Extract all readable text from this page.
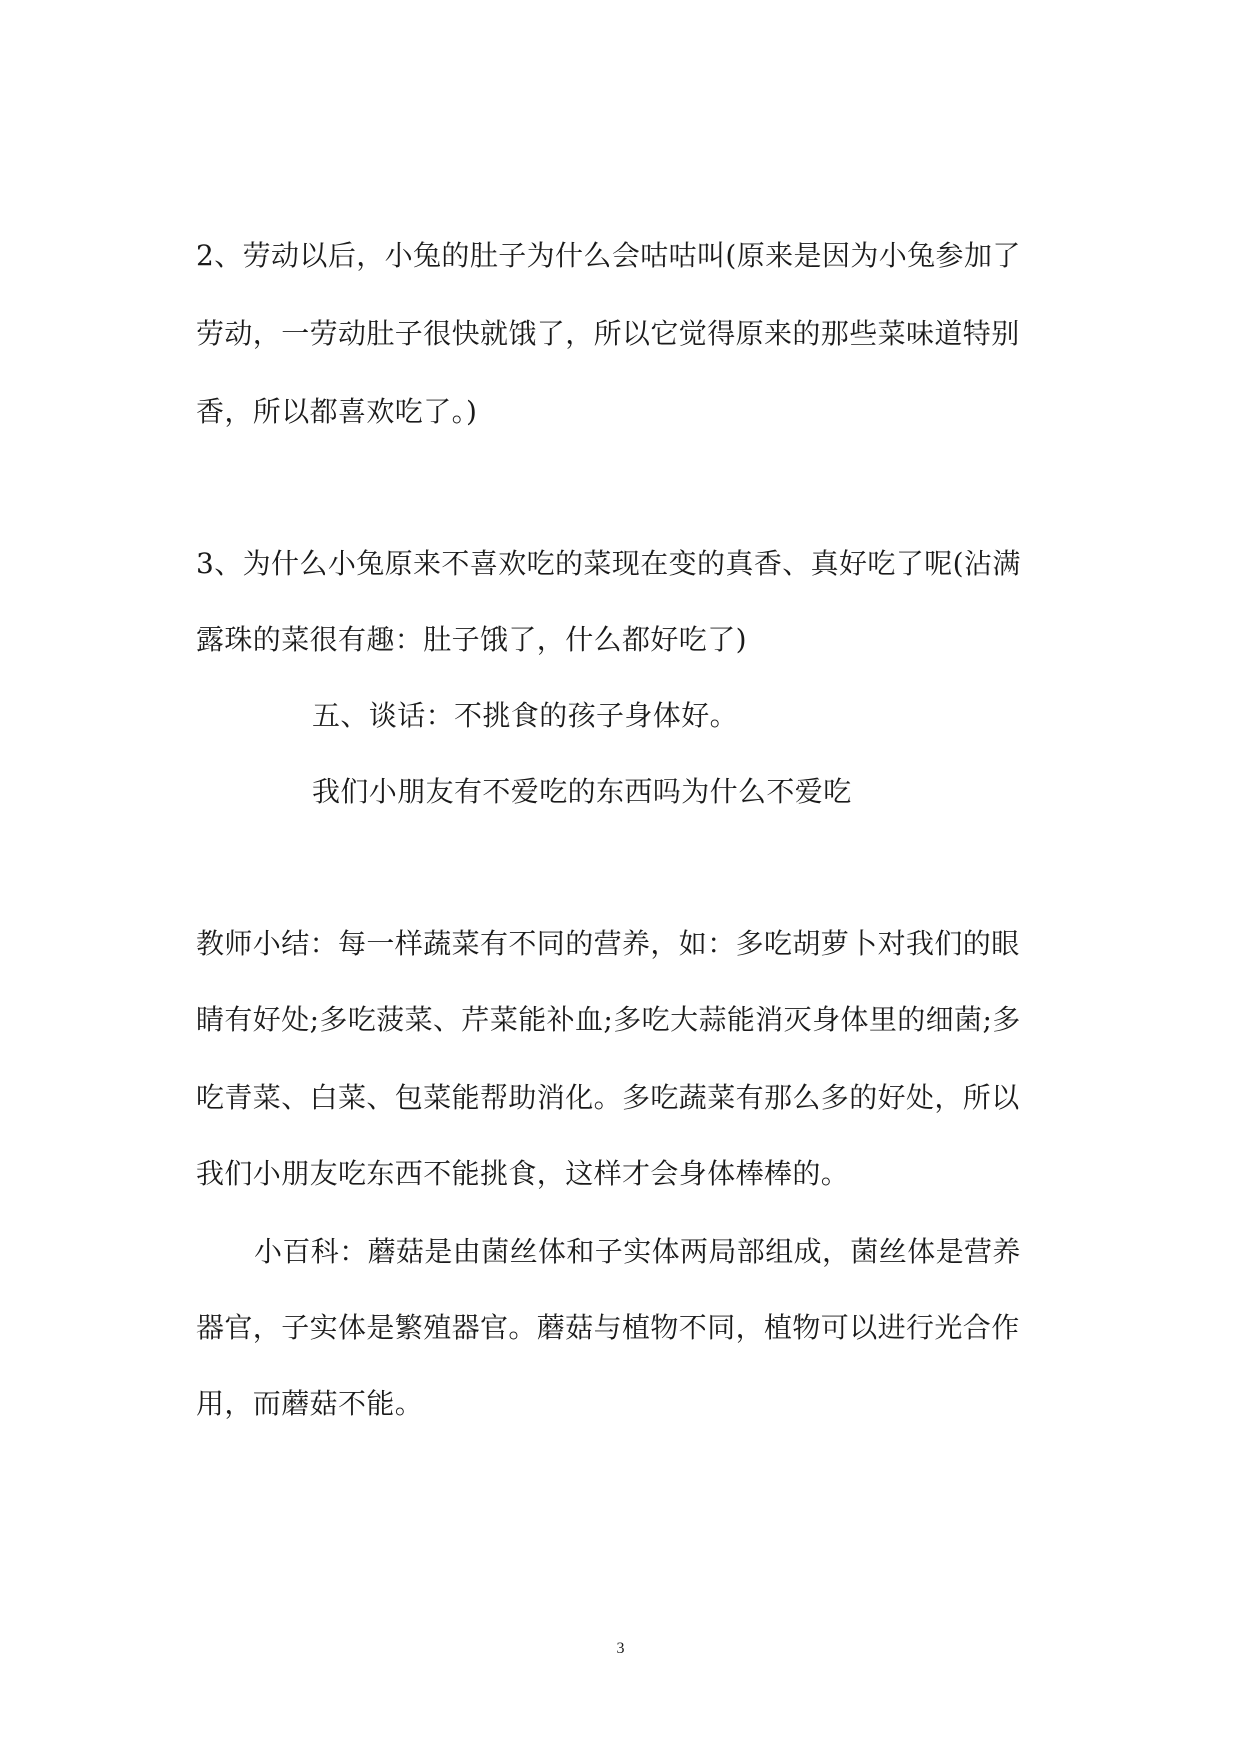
2、劳动以后，小兔的肚子为什么会咕咕叫(原来是因为小兔参加了
劳动，一劳动肚子很快就饿了，所以它觉得原来的那些菜味道特别
香，所以都喜欢吃了。)
3、为什么小兔原来不喜欢吃的菜现在变的真香、真好吃了呢(沾满
露珠的菜很有趣：肚子饿了，什么都好吃了)
五、谈话：不挑食的孩子身体好。
我们小朋友有不爱吃的东西吗为什么不爱吃
教师小结：每一样蔬菜有不同的营养，如：多吃胡萝卜对我们的眼
睛有好处;多吃菠菜、芹菜能补血;多吃大蒜能消灭身体里的细菌;多
吃青菜、白菜、包菜能帮助消化。多吃蔬菜有那么多的好处，所以
我们小朋友吃东西不能挑食，这样才会身体棒棒的。
小百科：蘑菇是由菌丝体和子实体两局部组成，菌丝体是营养
器官，子实体是繁殖器官。蘑菇与植物不同，植物可以进行光合作
用，而蘑菇不能。
3
